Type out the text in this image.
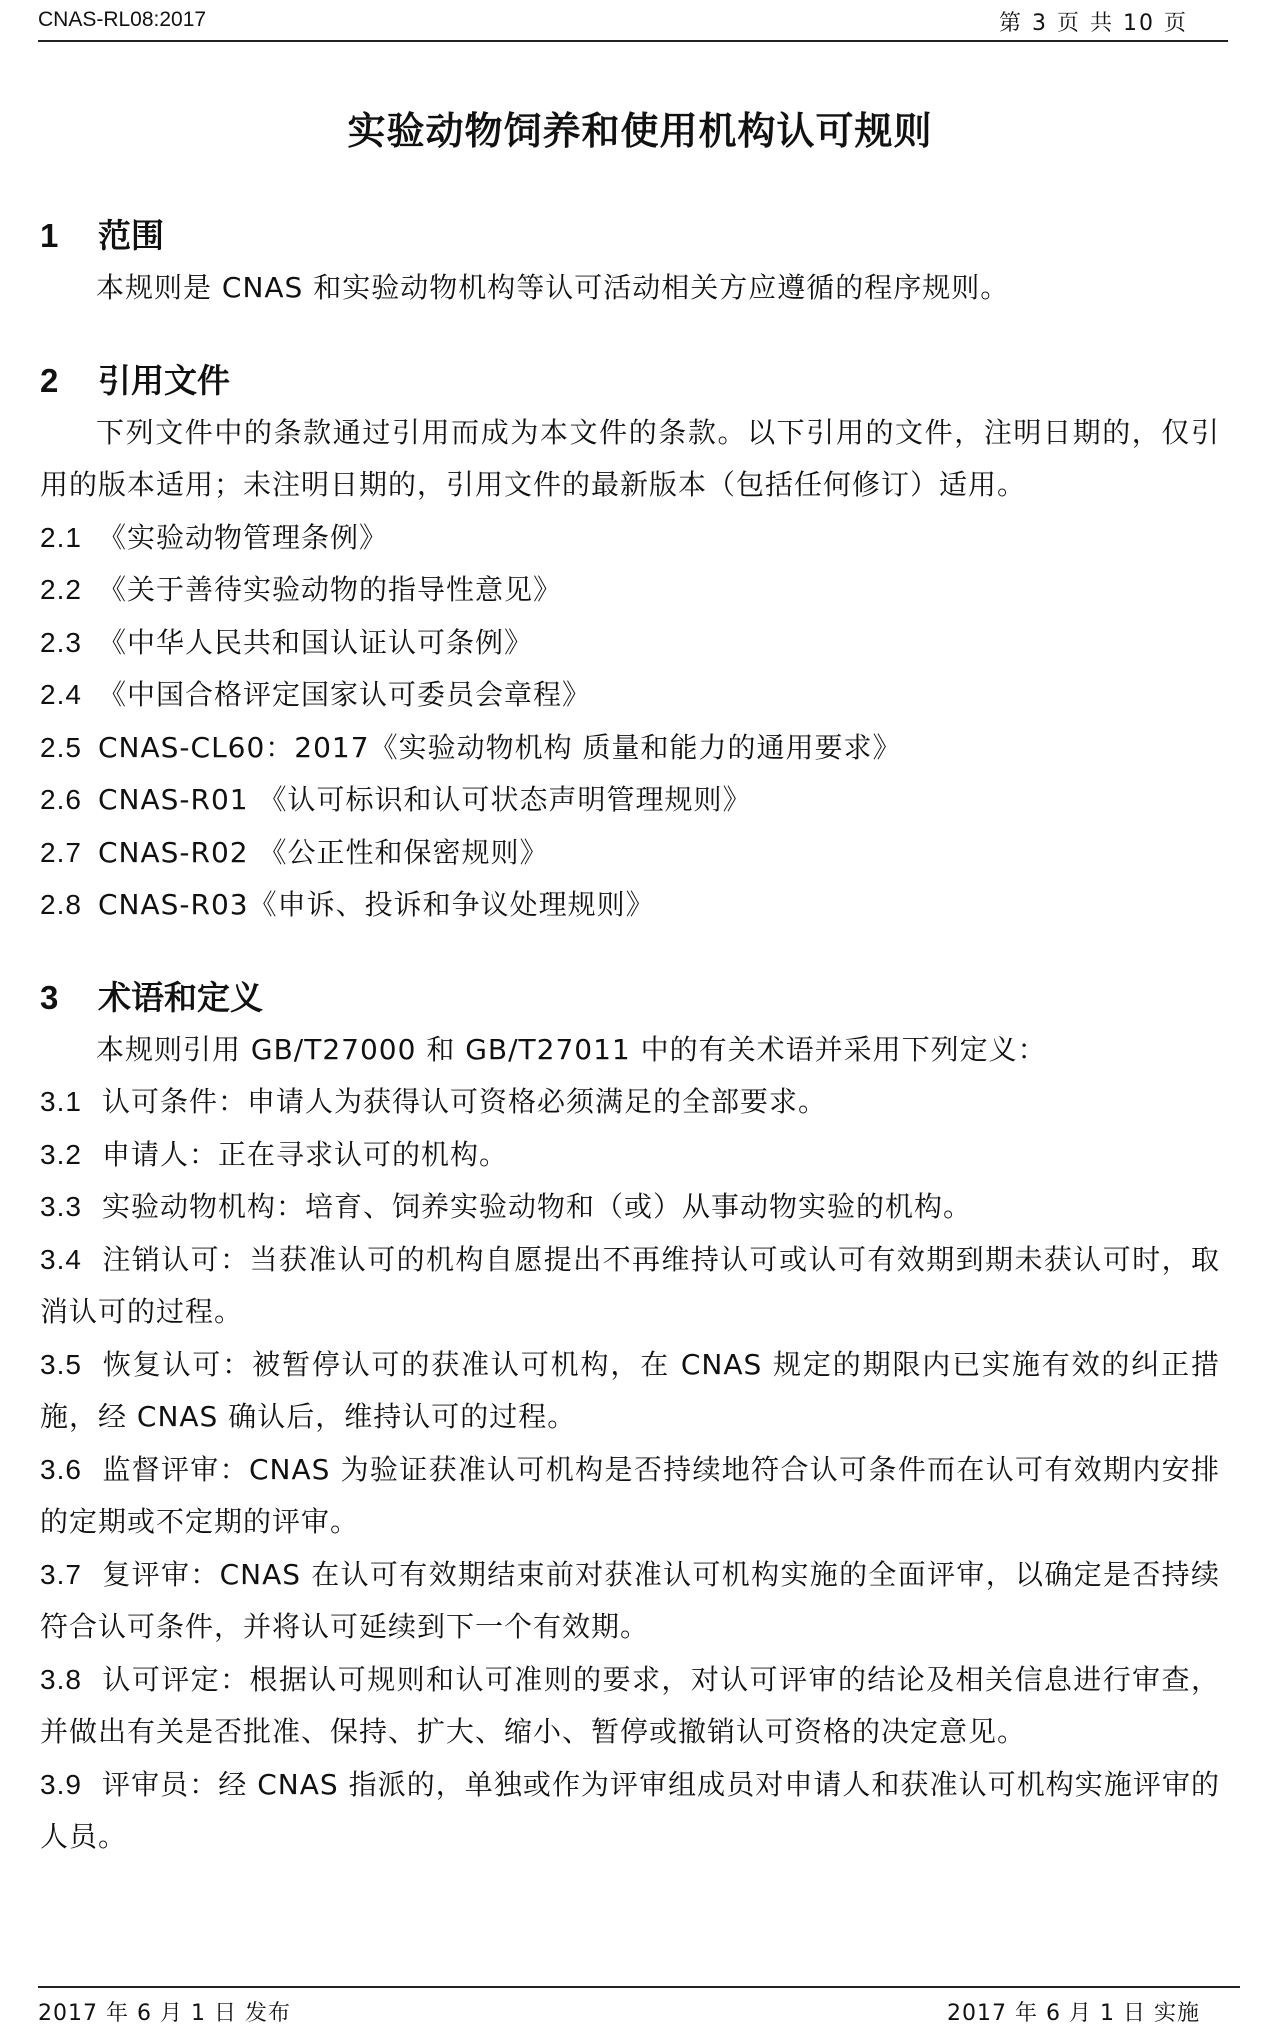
CNAS-RL08:2017	第 3 页 共 10 页
实验动物饲养和使用机构认可规则
1 范围
本规则是 CNAS 和实验动物机构等认可活动相关方应遵循的程序规则。
2 引用文件
下列文件中的条款通过引用而成为本文件的条款。以下引用的文件，注明日期的，仅引用的版本适用；未注明日期的，引用文件的最新版本（包括任何修订）适用。
2.1 《实验动物管理条例》
2.2 《关于善待实验动物的指导性意见》
2.3 《中华人民共和国认证认可条例》
2.4 《中国合格评定国家认可委员会章程》
2.5 CNAS-CL60：2017《实验动物机构 质量和能力的通用要求》
2.6 CNAS-R01 《认可标识和认可状态声明管理规则》
2.7 CNAS-R02 《公正性和保密规则》
2.8 CNAS-R03《申诉、投诉和争议处理规则》
3 术语和定义
本规则引用 GB/T27000 和 GB/T27011 中的有关术语并采用下列定义：
3.1 认可条件：申请人为获得认可资格必须满足的全部要求。
3.2 申请人：正在寻求认可的机构。
3.3 实验动物机构：培育、饲养实验动物和（或）从事动物实验的机构。
3.4 注销认可：当获准认可的机构自愿提出不再维持认可或认可有效期到期未获认可时，取消认可的过程。
3.5 恢复认可：被暂停认可的获准认可机构，在 CNAS 规定的期限内已实施有效的纠正措施，经 CNAS 确认后，维持认可的过程。
3.6 监督评审：CNAS 为验证获准认可机构是否持续地符合认可条件而在认可有效期内安排的定期或不定期的评审。
3.7 复评审：CNAS 在认可有效期结束前对获准认可机构实施的全面评审，以确定是否持续符合认可条件，并将认可延续到下一个有效期。
3.8 认可评定：根据认可规则和认可准则的要求，对认可评审的结论及相关信息进行审查，并做出有关是否批准、保持、扩大、缩小、暂停或撤销认可资格的决定意见。
3.9 评审员：经 CNAS 指派的，单独或作为评审组成员对申请人和获准认可机构实施评审的人员。
2017 年 6 月 1 日 发布	2017 年 6 月 1 日 实施
